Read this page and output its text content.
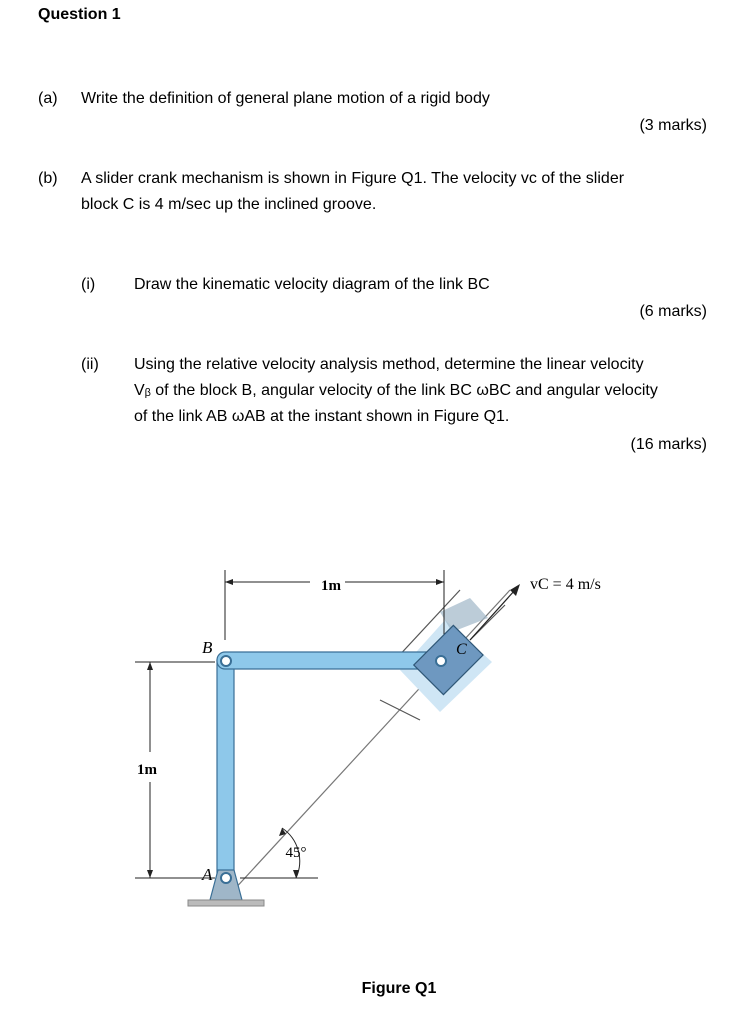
Question 1
(a) Write the definition of general plane motion of a rigid body
(3 marks)
(b) A slider crank mechanism is shown in Figure Q1. The velocity vᴄ of the slider
block C is 4 m/sec up the inclined groove.
(i) Draw the kinematic velocity diagram of the link BC
(6 marks)
(ii) Using the relative velocity analysis method, determine the linear velocity
Vᵦ of the block B, angular velocity of the link BC ωBC and angular velocity
of the link AB ωAB at the instant shown in Figure Q1.
(16 marks)
1m
1m
B
A
C
45°
vC = 4 m/s
Figure Q1
